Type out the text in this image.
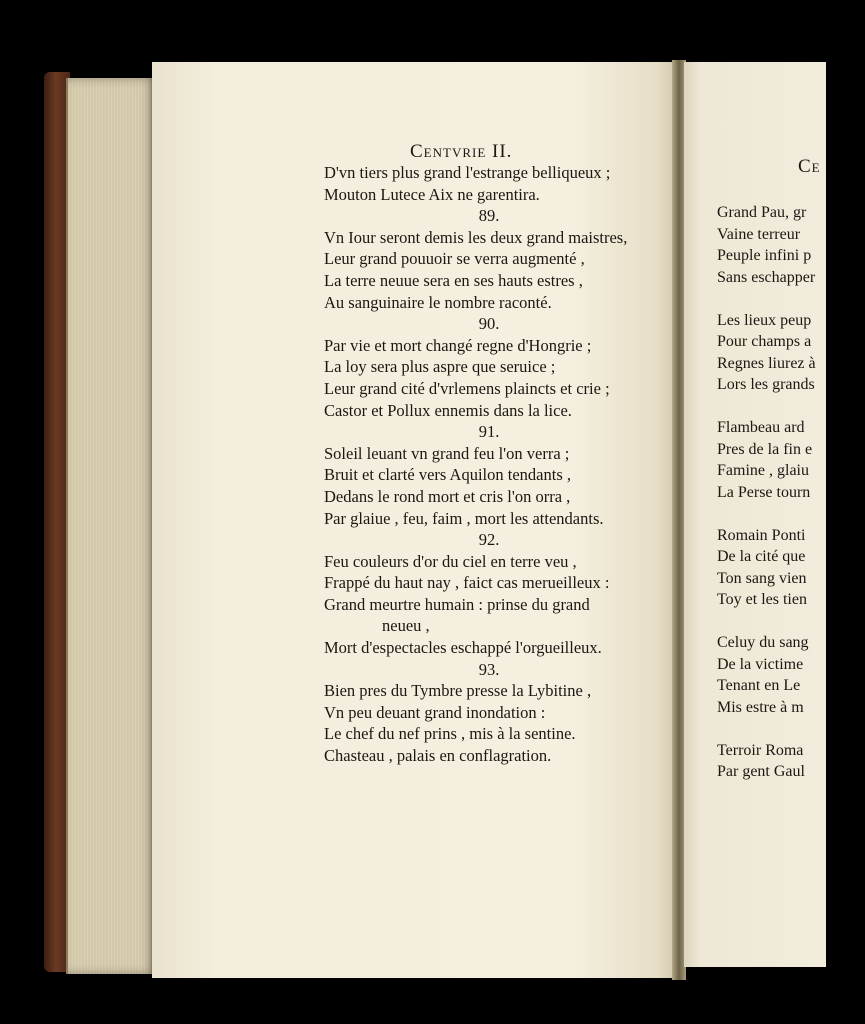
Centvrie II.
D'vn tiers plus grand l'estrange belliqueux ;
Mouton Lutece Aix ne garentira.
89.
Vn Iour seront demis les deux grand maistres,
Leur grand pouuoir se verra augmenté ,
La terre neuue sera en ses hauts estres ,
Au sanguinaire le nombre raconté.
90.
Par vie et mort changé regne d'Hongrie ;
La loy sera plus aspre que seruice ;
Leur grand cité d'vrlemens plaincts et crie ;
Castor et Pollux ennemis dans la lice.
91.
Soleil leuant vn grand feu l'on verra ;
Bruit et clarté vers Aquilon tendants ,
Dedans le rond mort et cris l'on orra ,
Par glaiue , feu, faim , mort les attendants.
92.
Feu couleurs d'or du ciel en terre veu ,
Frappé du haut nay , faict cas merueilleux :
Grand meurtre humain : prinse du grand
neueu ,
Mort d'espectacles eschappé l'orgueilleux.
93.
Bien pres du Tymbre presse la Lybitine ,
Vn peu deuant grand inondation :
Le chef du nef prins , mis à la sentine.
Chasteau , palais en conflagration.
Ce
Grand Pau, gr
Vaine terreur
Peuple infini p
Sans eschapper
Les lieux peup
Pour champs a
Regnes liurez à
Lors les grands
Flambeau ard
Pres de la fin e
Famine , glaiu
La Perse tourn
Romain Ponti
De la cité que
Ton sang vien
Toy et les tien
Celuy du sang
De la victime
Tenant en Le
Mis estre à m
Terroir Roma
Par gent Gaul
